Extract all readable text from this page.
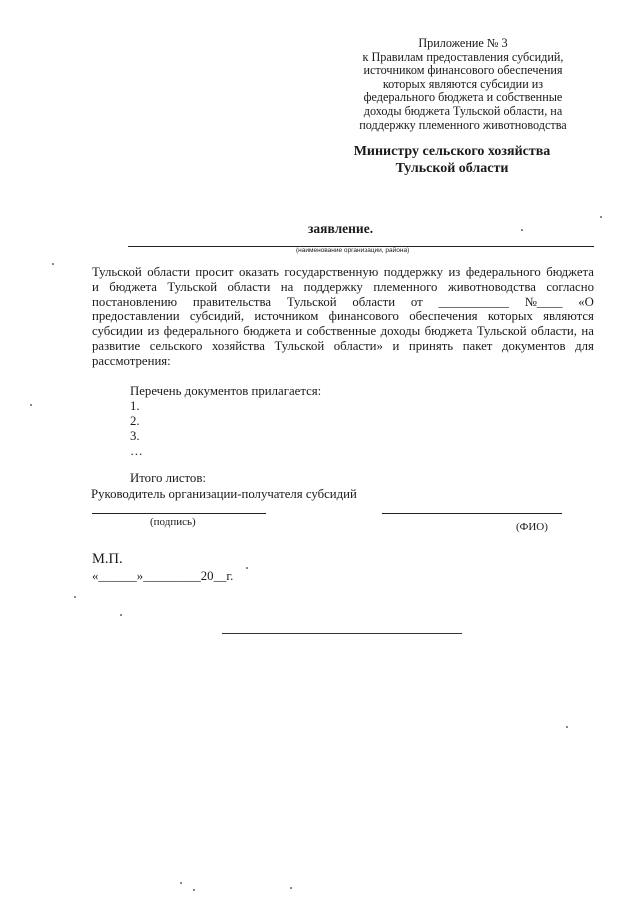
Приложение № 3
к Правилам предоставления субсидий,
источником финансового обеспечения
которых являются субсидии из
федерального бюджета и собственные
доходы бюджета Тульской области, на
поддержку племенного животноводства
Министру сельского хозяйства
Тульской области
заявление.
(наименование организации, района)
Тульской области просит оказать государственную поддержку из федерального бюджета
и бюджета Тульской области на поддержку племенного животноводства согласно
постановлению правительства Тульской области от ___________ №____ «О
предоставлении субсидий, источником финансового обеспечения которых являются
субсидии из федерального бюджета и собственные доходы бюджета Тульской области, на
развитие сельского хозяйства Тульской области» и принять пакет документов для
рассмотрения:
Перечень документов прилагается:
1.
2.
3.
…
Итого листов:
Руководитель организации-получателя субсидий
(подпись)	(ФИО)
М.П.
«______»_________20__г.
